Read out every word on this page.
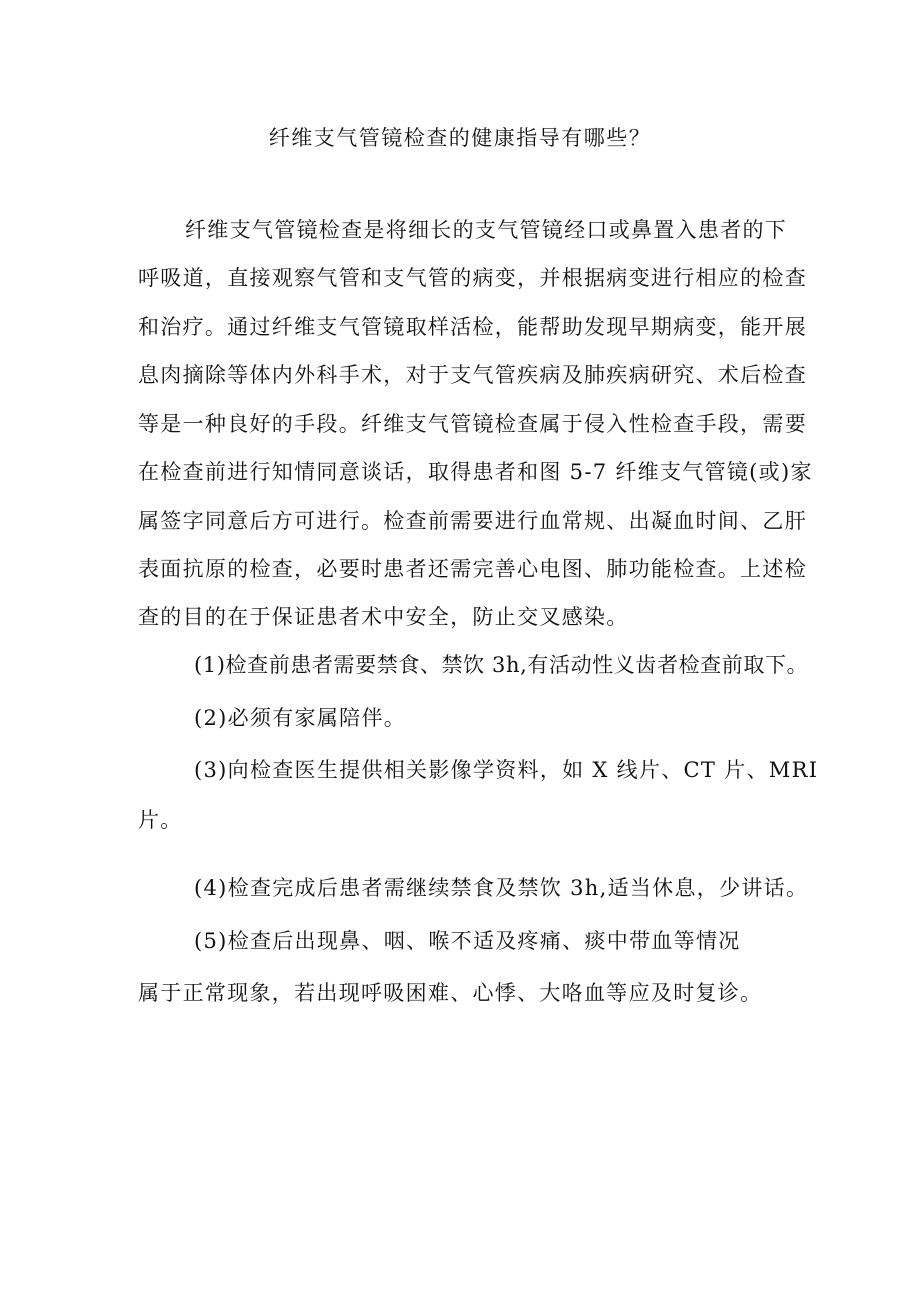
纤维支气管镜检查的健康指导有哪些？
纤维支气管镜检查是将细长的支气管镜经口或鼻置入患者的下
呼吸道，直接观察气管和支气管的病变，并根据病变进行相应的检查
和治疗。通过纤维支气管镜取样活检，能帮助发现早期病变，能开展
息肉摘除等体内外科手术，对于支气管疾病及肺疾病研究、术后检查
等是一种良好的手段。纤维支气管镜检查属于侵入性检查手段，需要
在检查前进行知情同意谈话，取得患者和图 5-7 纤维支气管镜(或)家
属签字同意后方可进行。检查前需要进行血常规、出凝血时间、乙肝
表面抗原的检查，必要时患者还需完善心电图、肺功能检查。上述检
查的目的在于保证患者术中安全，防止交叉感染。
(1)检查前患者需要禁食、禁饮 3h,有活动性义齿者检查前取下。
(2)必须有家属陪伴。
(3)向检查医生提供相关影像学资料，如 X 线片、CT 片、MRI
片。
(4)检查完成后患者需继续禁食及禁饮 3h,适当休息，少讲话。
(5)检查后出现鼻、咽、喉不适及疼痛、痰中带血等情况
属于正常现象，若出现呼吸困难、心悸、大咯血等应及时复诊。
